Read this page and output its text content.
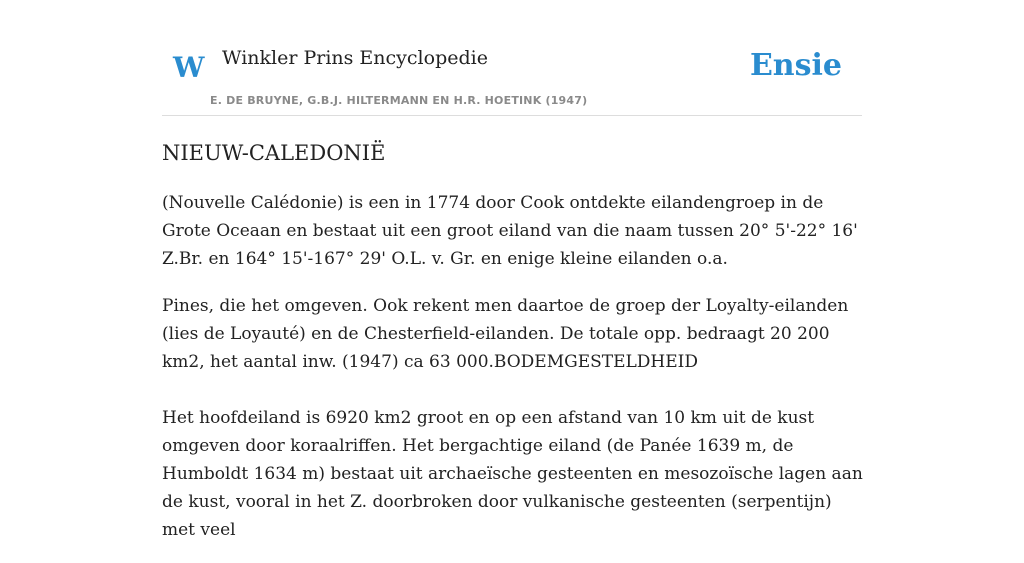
W Winkler Prins Encyclopedie
E. DE BRUYNE, G.B.J. HILTERMANN EN H.R. HOETINK (1947)
Ensie
NIEUW-CALEDONIË

(Nouvelle Calédonie) is een in 1774 door Cook ontdekte eilandengroep in de Grote Oceaan en bestaat uit een groot eiland van die naam tussen 20° 5'-22° 16' Z.Br. en 164° 15'-167° 29' O.L. v. Gr. en enige kleine eilanden o.a.

Pines, die het omgeven. Ook rekent men daartoe de groep der Loyalty-eilanden (lies de Loyauté) en de Chesterfield-eilanden. De totale opp. bedraagt 20 200 km2, het aantal inw. (1947) ca 63 000.BODEMGESTELDHEID

Het hoofdeiland is 6920 km2 groot en op een afstand van 10 km uit de kust omgeven door koraalriffen. Het bergachtige eiland (de Panée 1639 m, de Humboldt 1634 m) bestaat uit archaeïsche gesteenten en mesozoïsche lagen aan de kust, vooral in het Z. doorbroken door vulkanische gesteenten (serpentijn) met veel
